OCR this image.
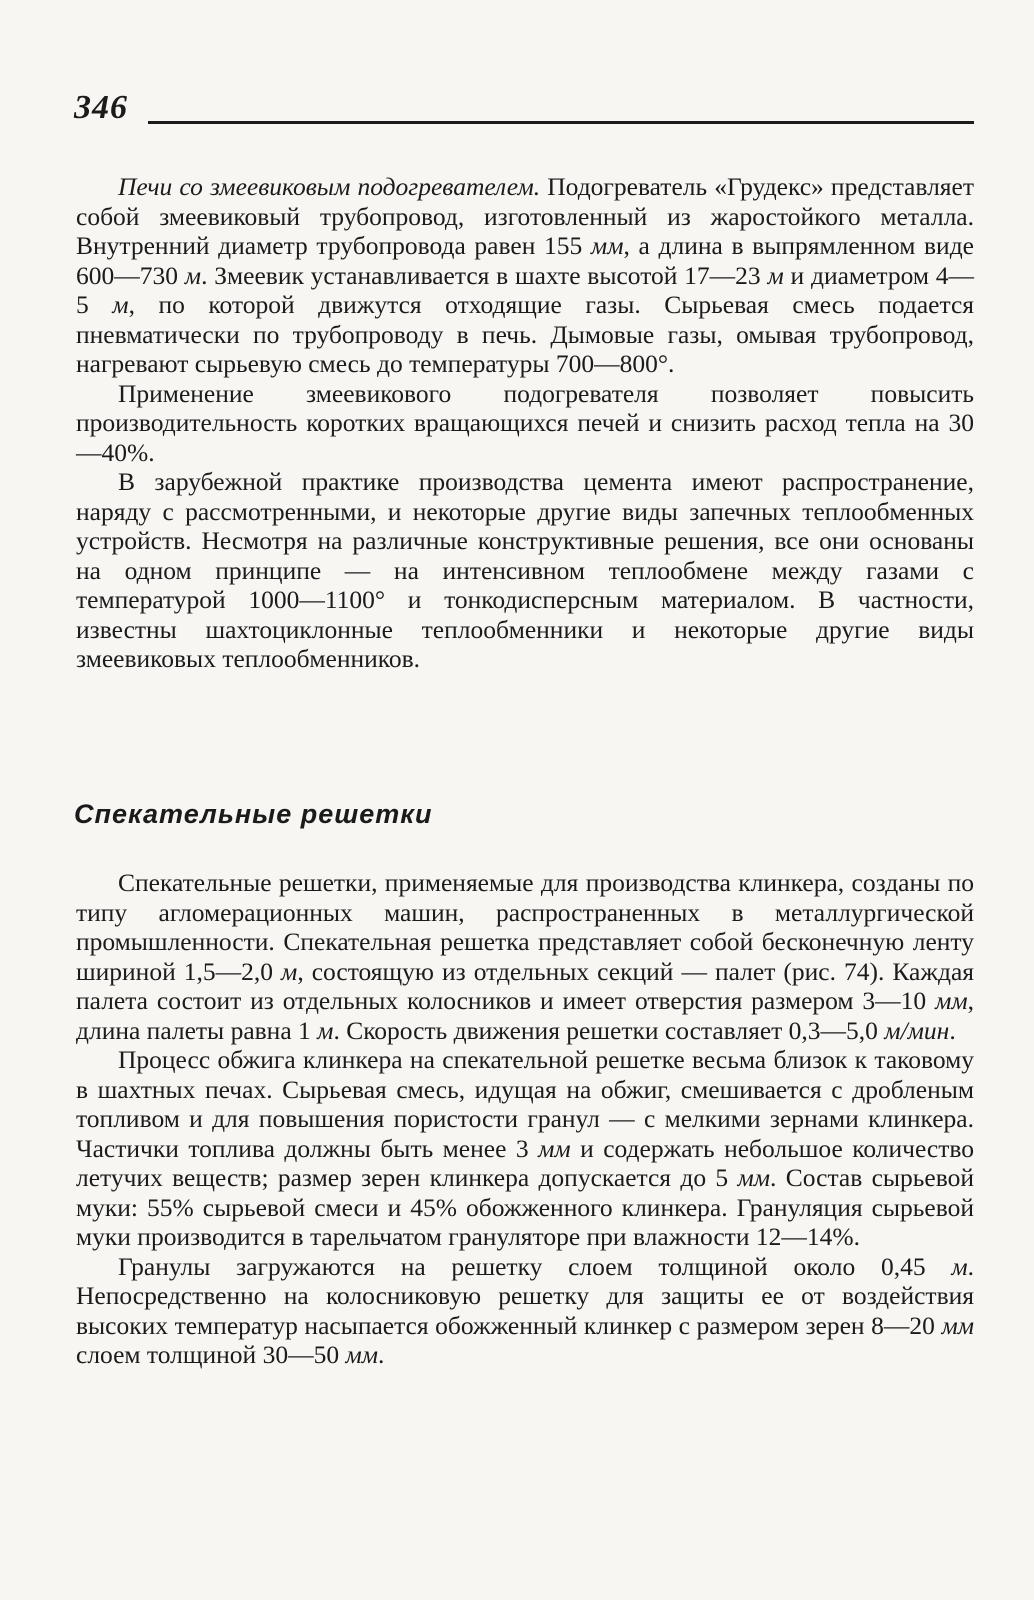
346

Печи со змеевиковым подогревателем. Подогреватель «Грудекс» представляет собой змеевиковый трубопровод, изготовленный из жаростойкого металла. Внутренний диаметр трубопровода равен 155 мм, а длина в выпрямленном виде 600—730 м. Змеевик устанавливается в шахте высотой 17—23 м и диаметром 4—5 м, по которой движутся отходящие газы. Сырьевая смесь подается пневматически по трубопроводу в печь. Дымовые газы, омывая трубопровод, нагревают сырьевую смесь до температуры 700—800°.

Применение змеевикового подогревателя позволяет повысить производительность коротких вращающихся печей и снизить расход тепла на 30—40%.

В зарубежной практике производства цемента имеют распространение, наряду с рассмотренными, и некоторые другие виды запечных теплообменных устройств. Несмотря на различные конструктивные решения, все они основаны на одном принципе — на интенсивном теплообмене между газами с температурой 1000—1100° и тонкодисперсным материалом. В частности, известны шахтоциклонные теплообменники и некоторые другие виды змеевиковых теплообменников.

Спекательные решетки

Спекательные решетки, применяемые для производства клинкера, созданы по типу агломерационных машин, распространенных в металлургической промышленности. Спекательная решетка представляет собой бесконечную ленту шириной 1,5—2,0 м, состоящую из отдельных секций — палет (рис. 74). Каждая палета состоит из отдельных колосников и имеет отверстия размером 3—10 мм, длина палеты равна 1 м. Скорость движения решетки составляет 0,3—5,0 м/мин.

Процесс обжига клинкера на спекательной решетке весьма близок к таковому в шахтных печах. Сырьевая смесь, идущая на обжиг, смешивается с дробленым топливом и для повышения пористости гранул — с мелкими зернами клинкера. Частички топлива должны быть менее 3 мм и содержать небольшое количество летучих веществ; размер зерен клинкера допускается до 5 мм. Состав сырьевой муки: 55% сырьевой смеси и 45% обожженного клинкера. Грануляция сырьевой муки производится в тарельчатом грануляторе при влажности 12—14%.

Гранулы загружаются на решетку слоем толщиной около 0,45 м. Непосредственно на колосниковую решетку для защиты ее от воздействия высоких температур насыпается обожженный клинкер с размером зерен 8—20 мм слоем толщиной 30—50 мм.
